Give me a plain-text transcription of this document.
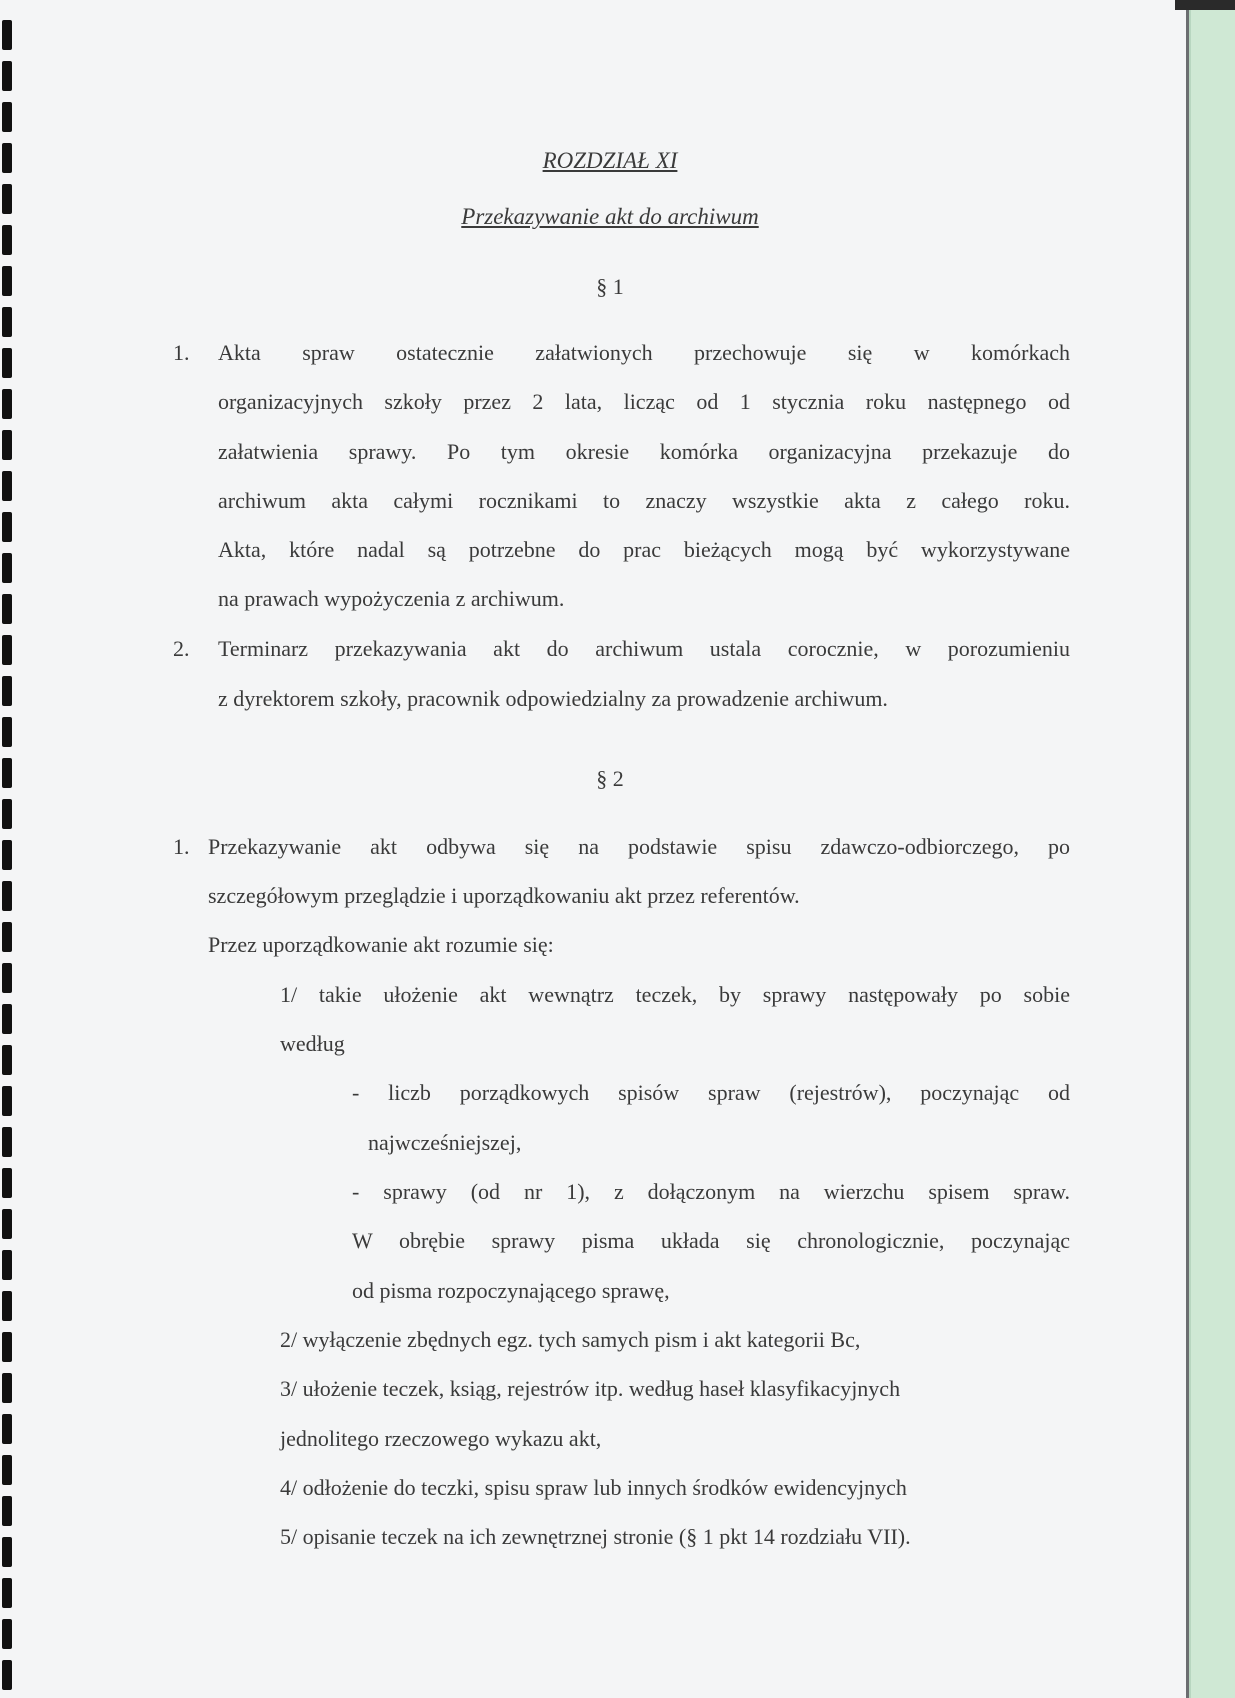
ROZDZIAŁ XI
Przekazywanie akt do archiwum
§ 1
1. Akta spraw ostatecznie załatwionych przechowuje się w komórkach
organizacyjnych szkoły przez 2 lata, licząc od 1 stycznia roku następnego od
załatwienia sprawy. Po tym okresie komórka organizacyjna przekazuje do
archiwum akta całymi rocznikami to znaczy wszystkie akta z całego roku.
Akta, które nadal są potrzebne do prac bieżących mogą być wykorzystywane
na prawach wypożyczenia z archiwum.
2. Terminarz przekazywania akt do archiwum ustala corocznie, w porozumieniu
z dyrektorem szkoły, pracownik odpowiedzialny za prowadzenie archiwum.
§ 2
1. Przekazywanie akt odbywa się na podstawie spisu zdawczo-odbiorczego, po
szczegółowym przeglądzie i uporządkowaniu akt przez referentów.
Przez uporządkowanie akt rozumie się:
1/ takie ułożenie akt wewnątrz teczek, by sprawy następowały po sobie
według
- liczb porządkowych spisów spraw (rejestrów), poczynając od
najwcześniejszej,
- sprawy (od nr 1), z dołączonym na wierzchu spisem spraw.
W obrębie sprawy pisma układa się chronologicznie, poczynając
od pisma rozpoczynającego sprawę,
2/ wyłączenie zbędnych egz. tych samych pism i akt kategorii Bc,
3/ ułożenie teczek, ksiąg, rejestrów itp. według haseł klasyfikacyjnych
jednolitego rzeczowego wykazu akt,
4/ odłożenie do teczki, spisu spraw lub innych środków ewidencyjnych
5/ opisanie teczek na ich zewnętrznej stronie (§ 1 pkt 14 rozdziału VII).
